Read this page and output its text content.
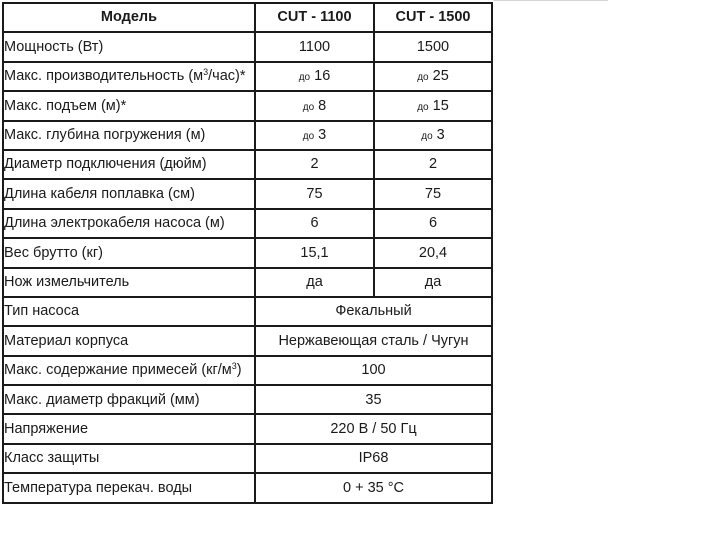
Модель	CUT - 1100	CUT - 1500
Мощность (Вт)	1100	1500
Макс. производительность $(м^3/час)*$	до 16	до 25
Макс. подъем (м)*	до 8	до 15
Макс. глубина погружения (м)	до 3	до 3
Диаметр подключения (дюйм)	2	2
Длина кабеля поплавка (см)	75	75
Длина электрокабеля насоса (м)	6	6
Вес брутто (кг)	15,1	20,4
Нож измельчитель	да	да
Тип насоса	Фекальный	
Материал корпуса	Нержавеющая сталь / Чугун	
Макс. содержание примесей $(кг/м^3)$	100	
Макс. диаметр фракций (мм)	35	
Напряжение	220 В / 50 Гц	
Класс защиты	IP68	
Температура перекач. воды	0 + 35 °С	
